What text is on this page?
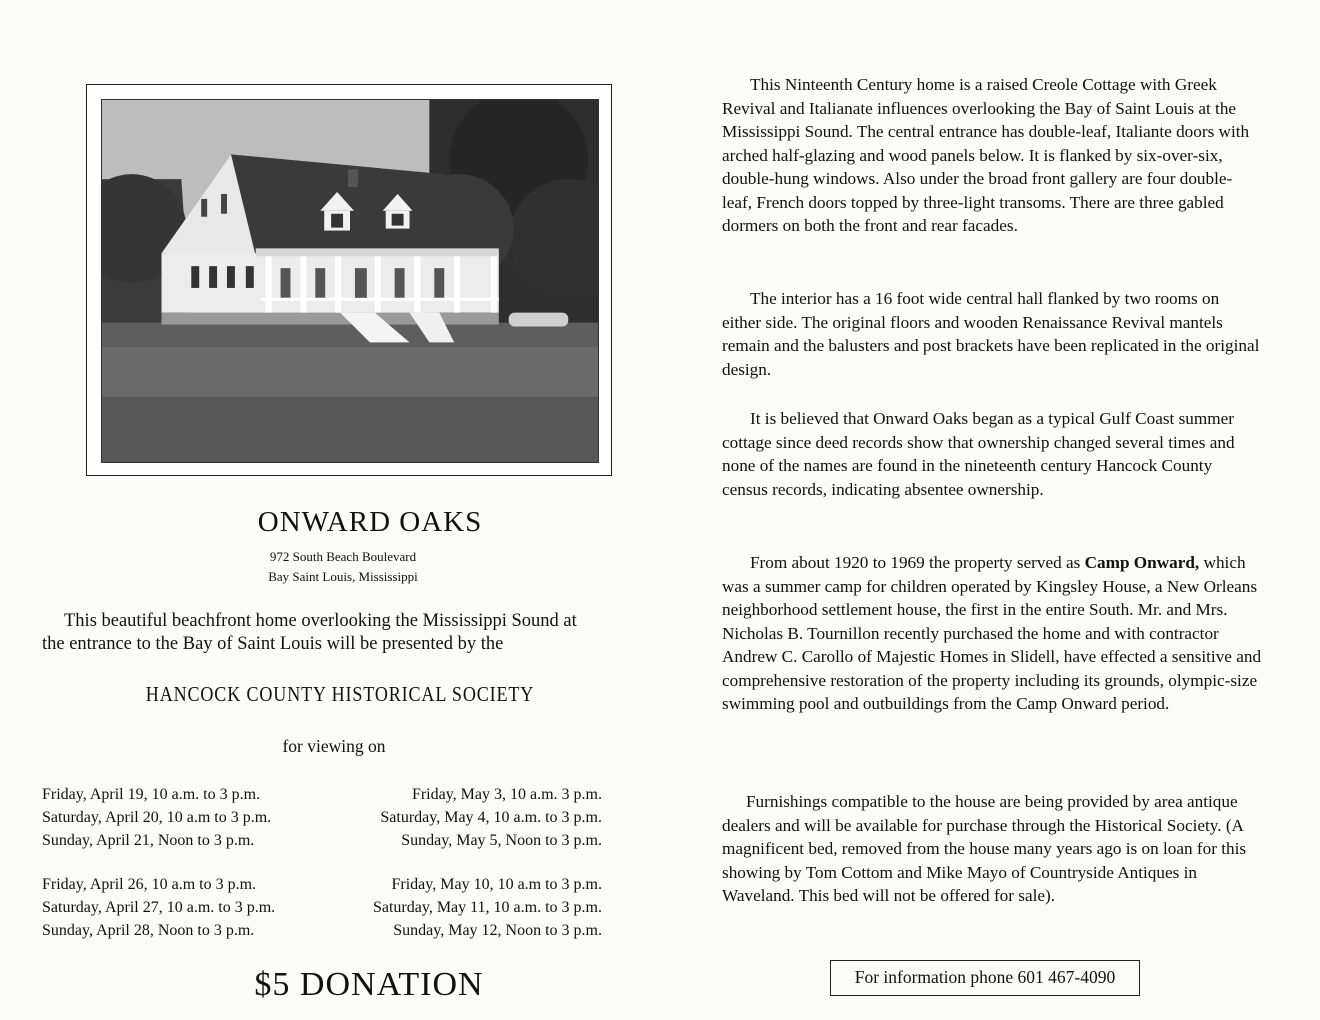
ONWARD OAKS
972 South Beach Boulevard
Bay Saint Louis, Mississippi
This beautiful beachfront home overlooking the Mississippi Sound at
the entrance to the Bay of Saint Louis will be presented by the
HANCOCK COUNTY HISTORICAL SOCIETY
for viewing on
Friday, April 19, 10 a.m. to 3 p.m.
Saturday, April 20, 10 a.m to 3 p.m.
Sunday, April 21, Noon to 3 p.m.
Friday, May 3, 10 a.m. 3 p.m.
Saturday, May 4, 10 a.m. to 3 p.m.
Sunday, May 5, Noon to 3 p.m.
Friday, April 26, 10 a.m to 3 p.m.
Saturday, April 27, 10 a.m. to 3 p.m.
Sunday, April 28, Noon to 3 p.m.
Friday, May 10, 10 a.m to 3 p.m.
Saturday, May 11, 10 a.m. to 3 p.m.
Sunday, May 12, Noon to 3 p.m.
$5 DONATION

This Ninteenth Century home is a raised Creole Cottage with Greek Revival and Italianate influences overlooking the Bay of Saint Louis at the Mississippi Sound. The central entrance has double-leaf, Italiante doors with arched half-glazing and wood panels below. It is flanked by six-over-six, double-hung windows. Also under the broad front gallery are four double-leaf, French doors topped by three-light transoms. There are three gabled dormers on both the front and rear facades.

The interior has a 16 foot wide central hall flanked by two rooms on either side. The original floors and wooden Renaissance Revival mantels remain and the balusters and post brackets have been replicated in the original design.

It is believed that Onward Oaks began as a typical Gulf Coast summer cottage since deed records show that ownership changed several times and none of the names are found in the nineteenth century Hancock County census records, indicating absentee ownership.

From about 1920 to 1969 the property served as Camp Onward, which was a summer camp for children operated by Kingsley House, a New Orleans neighborhood settlement house, the first in the entire South. Mr. and Mrs. Nicholas B. Tournillon recently purchased the home and with contractor Andrew C. Carollo of Majestic Homes in Slidell, have effected a sensitive and comprehensive restoration of the property including its grounds, olympic-size swimming pool and outbuildings from the Camp Onward period.

Furnishings compatible to the house are being provided by area antique dealers and will be available for purchase through the Historical Society. (A magnificent bed, removed from the house many years ago is on loan for this showing by Tom Cottom and Mike Mayo of Countryside Antiques in Waveland. This bed will not be offered for sale).

For information phone 601 467-4090
